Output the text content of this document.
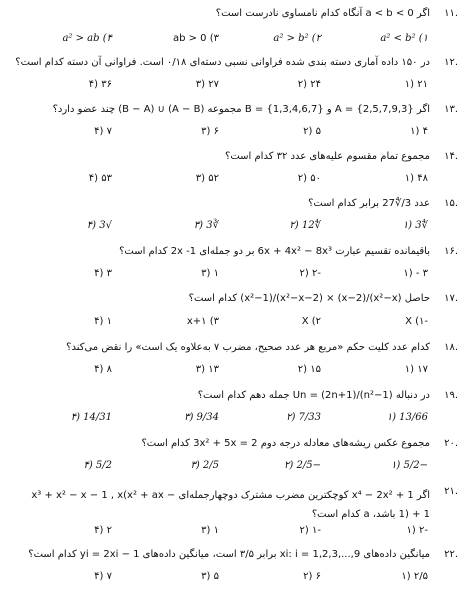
۱۱.
اگر a < b < 0 آنگاه کدام نامساوی نادرست است؟
a² < b² (۱
a² > b² (۲
ab > 0 (۳
a² > ab (۴
۱۲.
در ۱۵۰ داده آماری دسته بندی شده فراوانی نسبی دسته‌ای ۰/۱۸ است. فراوانی آن دسته کدام است؟
۲۱ (۱
۲۴ (۲
۲۷ (۳
۳۶ (۴
۱۳.
اگر {2,5,7,9,3} = A و {1,3,4,6,7} = B مجموعه (A − B) ∪ (B − A) چند عضو دارد؟
۴ (۱
۵ (۲
۶ (۳
۷ (۴
۱۴.
مجموع تمام مقسوم علیه‌های عدد ۳۲ کدام است؟
۴۸ (۱
۵۰ (۲
۵۲ (۳
۵۳ (۴
۱۵.
عدد 3/∜27 برابر کدام است؟
∜3 (۱
∜12 (۲
∛3 (۳
√3 (۴
۱۶.
باقیمانده تقسیم عبارت 6x + 4x² − 8x³ بر دو جمله‌ای 2x -1 کدام است؟
۳ - (۱
-۲ (۲
۱ (۳
۳ (۴
۱۷.
حاصل (x²−x)/(x−2) × (x²−x−2)/(x²−1) کدام است؟
-X (۱
X (۲
x+۱ (۳
۱ (۴
۱۸.
کدام عدد کلیت حکم «مربع هر عدد صحیح، مضرب ۷ به‌علاوه یک است» را نقض می‌کند؟
۱۷ (۱
۱۵ (۲
۱۳ (۳
۸ (۴
۱۹.
در دنباله Un = (2n+1)/(n²−1) جمله دهم کدام است؟
13/66 (۱
7/33 (۲
9/34 (۳
14/31 (۴
۲۰.
مجموع عکس ریشه‌های معادله درجه دوم 3x² + 5x = 2 کدام است؟
−5/2 (۱
−2/5 (۲
2/5 (۳
5/2 (۴
۲۱.
اگر x⁴ − 2x² + 1 کوچکترین مضرب مشترک دوچهارجمله‌ای x³ + x² − x − 1 , x(x² + ax − 1) + 1 باشد، a کدام است؟
-۲ (۱
-۱ (۲
۱ (۳
۲ (۴
۲۲.
میانگین داده‌های xi: i = 1,2,3,...,9 برابر ۳/۵ است، میانگین داده‌های yi = 2xi − 1 کدام است؟
۲/۵ (۱
۶ (۲
۵ (۳
۷ (۴
